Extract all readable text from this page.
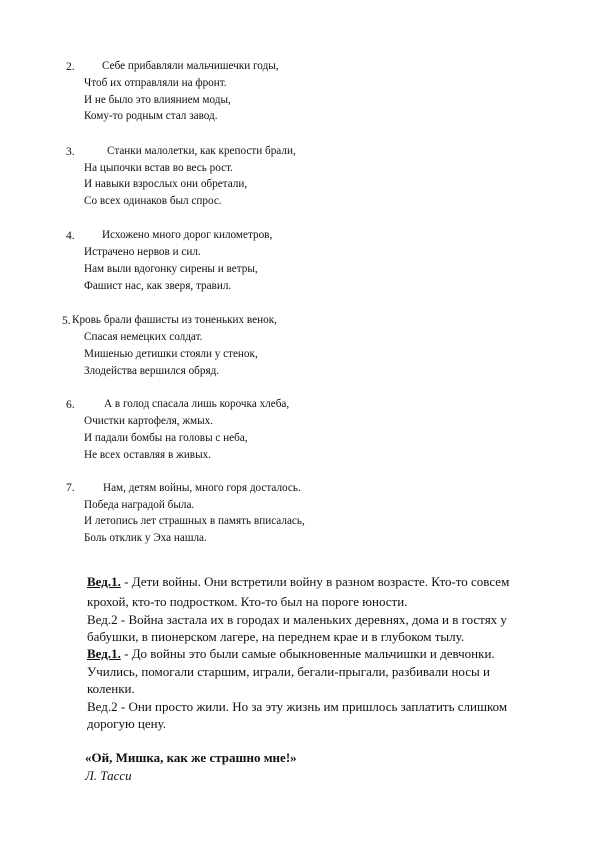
2. Себе прибавляли мальчишечки годы,
Чтоб их отправляли на фронт.
И не было это влиянием моды,
Кому-то родным стал завод.
3.	Станки малолетки, как крепости брали,
На цыпочки встав во весь рост.
И навыки взрослых они обретали,
Со всех одинаков был спрос.
4. Исхожено много дорог километров,
Истрачено нервов и сил.
Нам выли вдогонку сирены и ветры,
Фашист нас, как зверя, травил.
5. Кровь брали фашисты из тоненьких венок,
Спасая немецких солдат.
Мишенью детишки стояли у стенок,
Злодейства вершился обряд.
6.	А в голод спасала лишь корочка хлеба,
Очистки картофеля, жмых.
И падали бомбы на головы с неба,
Не всех оставляя в живых.
7.	Нам, детям войны, много горя досталось.
Победа наградой была.
И летопись лет страшных в память вписалась,
Боль отклик у Эха нашла.
Вед.1. - Дети войны. Они встретили войну в разном возрасте. Кто-то совсем
крохой, кто-то подростком. Кто-то был на пороге юности.
Вед.2 - Война застала их в городах и маленьких деревнях, дома и в гостях у
бабушки, в пионерском лагере, на переднем крае и в глубоком тылу.
Вед.1. - До войны это были самые обыкновенные мальчишки и девчонки.
Учились, помогали старшим, играли, бегали-прыгали, разбивали носы и
коленки.
Вед.2 - Они просто жили. Но за эту жизнь им пришлось заплатить слишком
дорогую цену.
«Ой, Мишка, как же страшно мне!»
Л. Тасси
